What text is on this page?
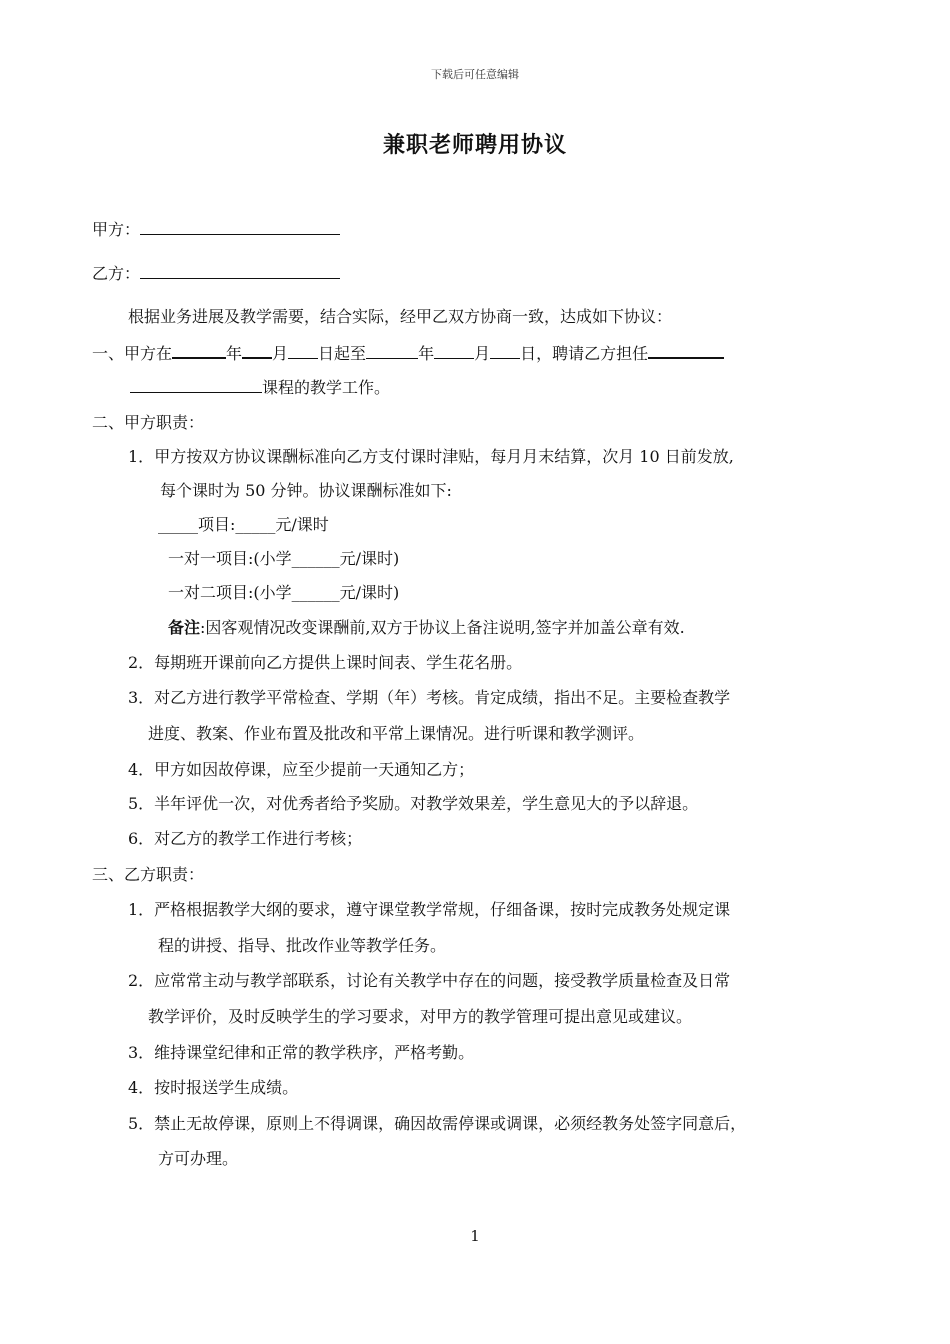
下载后可任意编辑
兼职老师聘用协议
甲方：
乙方：
根据业务进展及教学需要，结合实际，经甲乙双方协商一致，达成如下协议：
一、甲方在	年 月 日起至	年	月 日，聘请乙方担任
课程的教学工作。
二、甲方职责：
1．甲方按双方协议课酬标准向乙方支付课时津贴，每月月末结算，次月 10 日前发放,
每个课时为 50 分钟。协议课酬标准如下:
_____项目:_____元/课时
一对一项目:(小学______元/课时)
一对二项目:(小学______元/课时)
备注:因客观情况改变课酬前,双方于协议上备注说明,签字并加盖公章有效.
2．每期班开课前向乙方提供上课时间表、学生花名册。
3．对乙方进行教学平常检查、学期（年）考核。肯定成绩，指出不足。主要检查教学
进度、教案、作业布置及批改和平常上课情况。进行听课和教学测评。
4．甲方如因故停课，应至少提前一天通知乙方；
5．半年评优一次，对优秀者给予奖励。对教学效果差，学生意见大的予以辞退。
6．对乙方的教学工作进行考核；
三、乙方职责：
1．严格根据教学大纲的要求，遵守课堂教学常规，仔细备课，按时完成教务处规定课
程的讲授、指导、批改作业等教学任务。
2．应常常主动与教学部联系，讨论有关教学中存在的问题，接受教学质量检查及日常
教学评价，及时反映学生的学习要求，对甲方的教学管理可提出意见或建议。
3．维持课堂纪律和正常的教学秩序，严格考勤。
4．按时报送学生成绩。
5．禁止无故停课，原则上不得调课，确因故需停课或调课，必须经教务处签字同意后，
方可办理。
1
